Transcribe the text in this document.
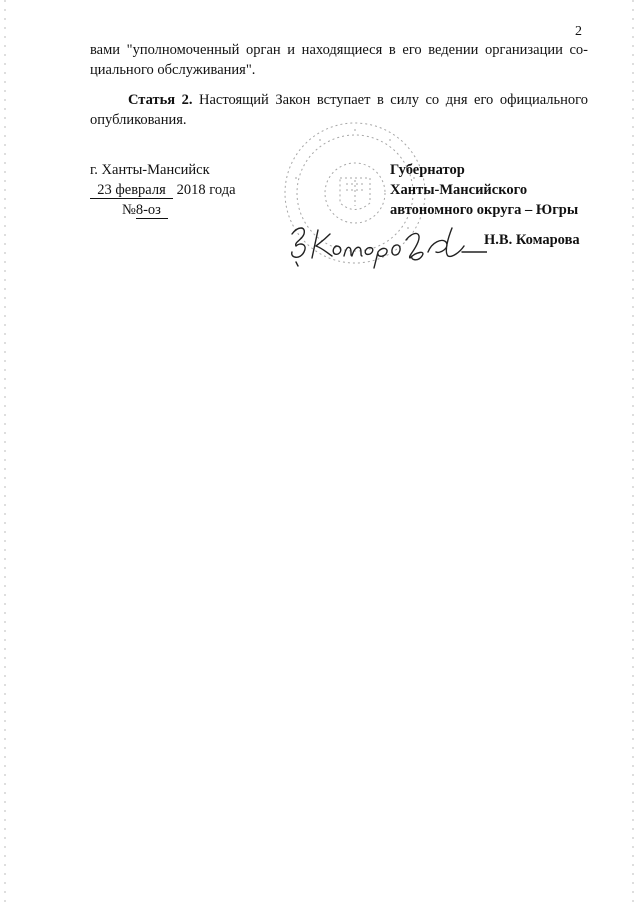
2
вами "уполномоченный орган и находящиеся в его ведении организации со-
циального обслуживания".
Статья 2. Настоящий Закон вступает в силу со дня его официального
опубликования.
г. Ханты-Мансийск
23 февраля 2018 года
№8-оз
Губернатор
Ханты-Мансийского
автономного округа – Югры
Н.В. Комарова
